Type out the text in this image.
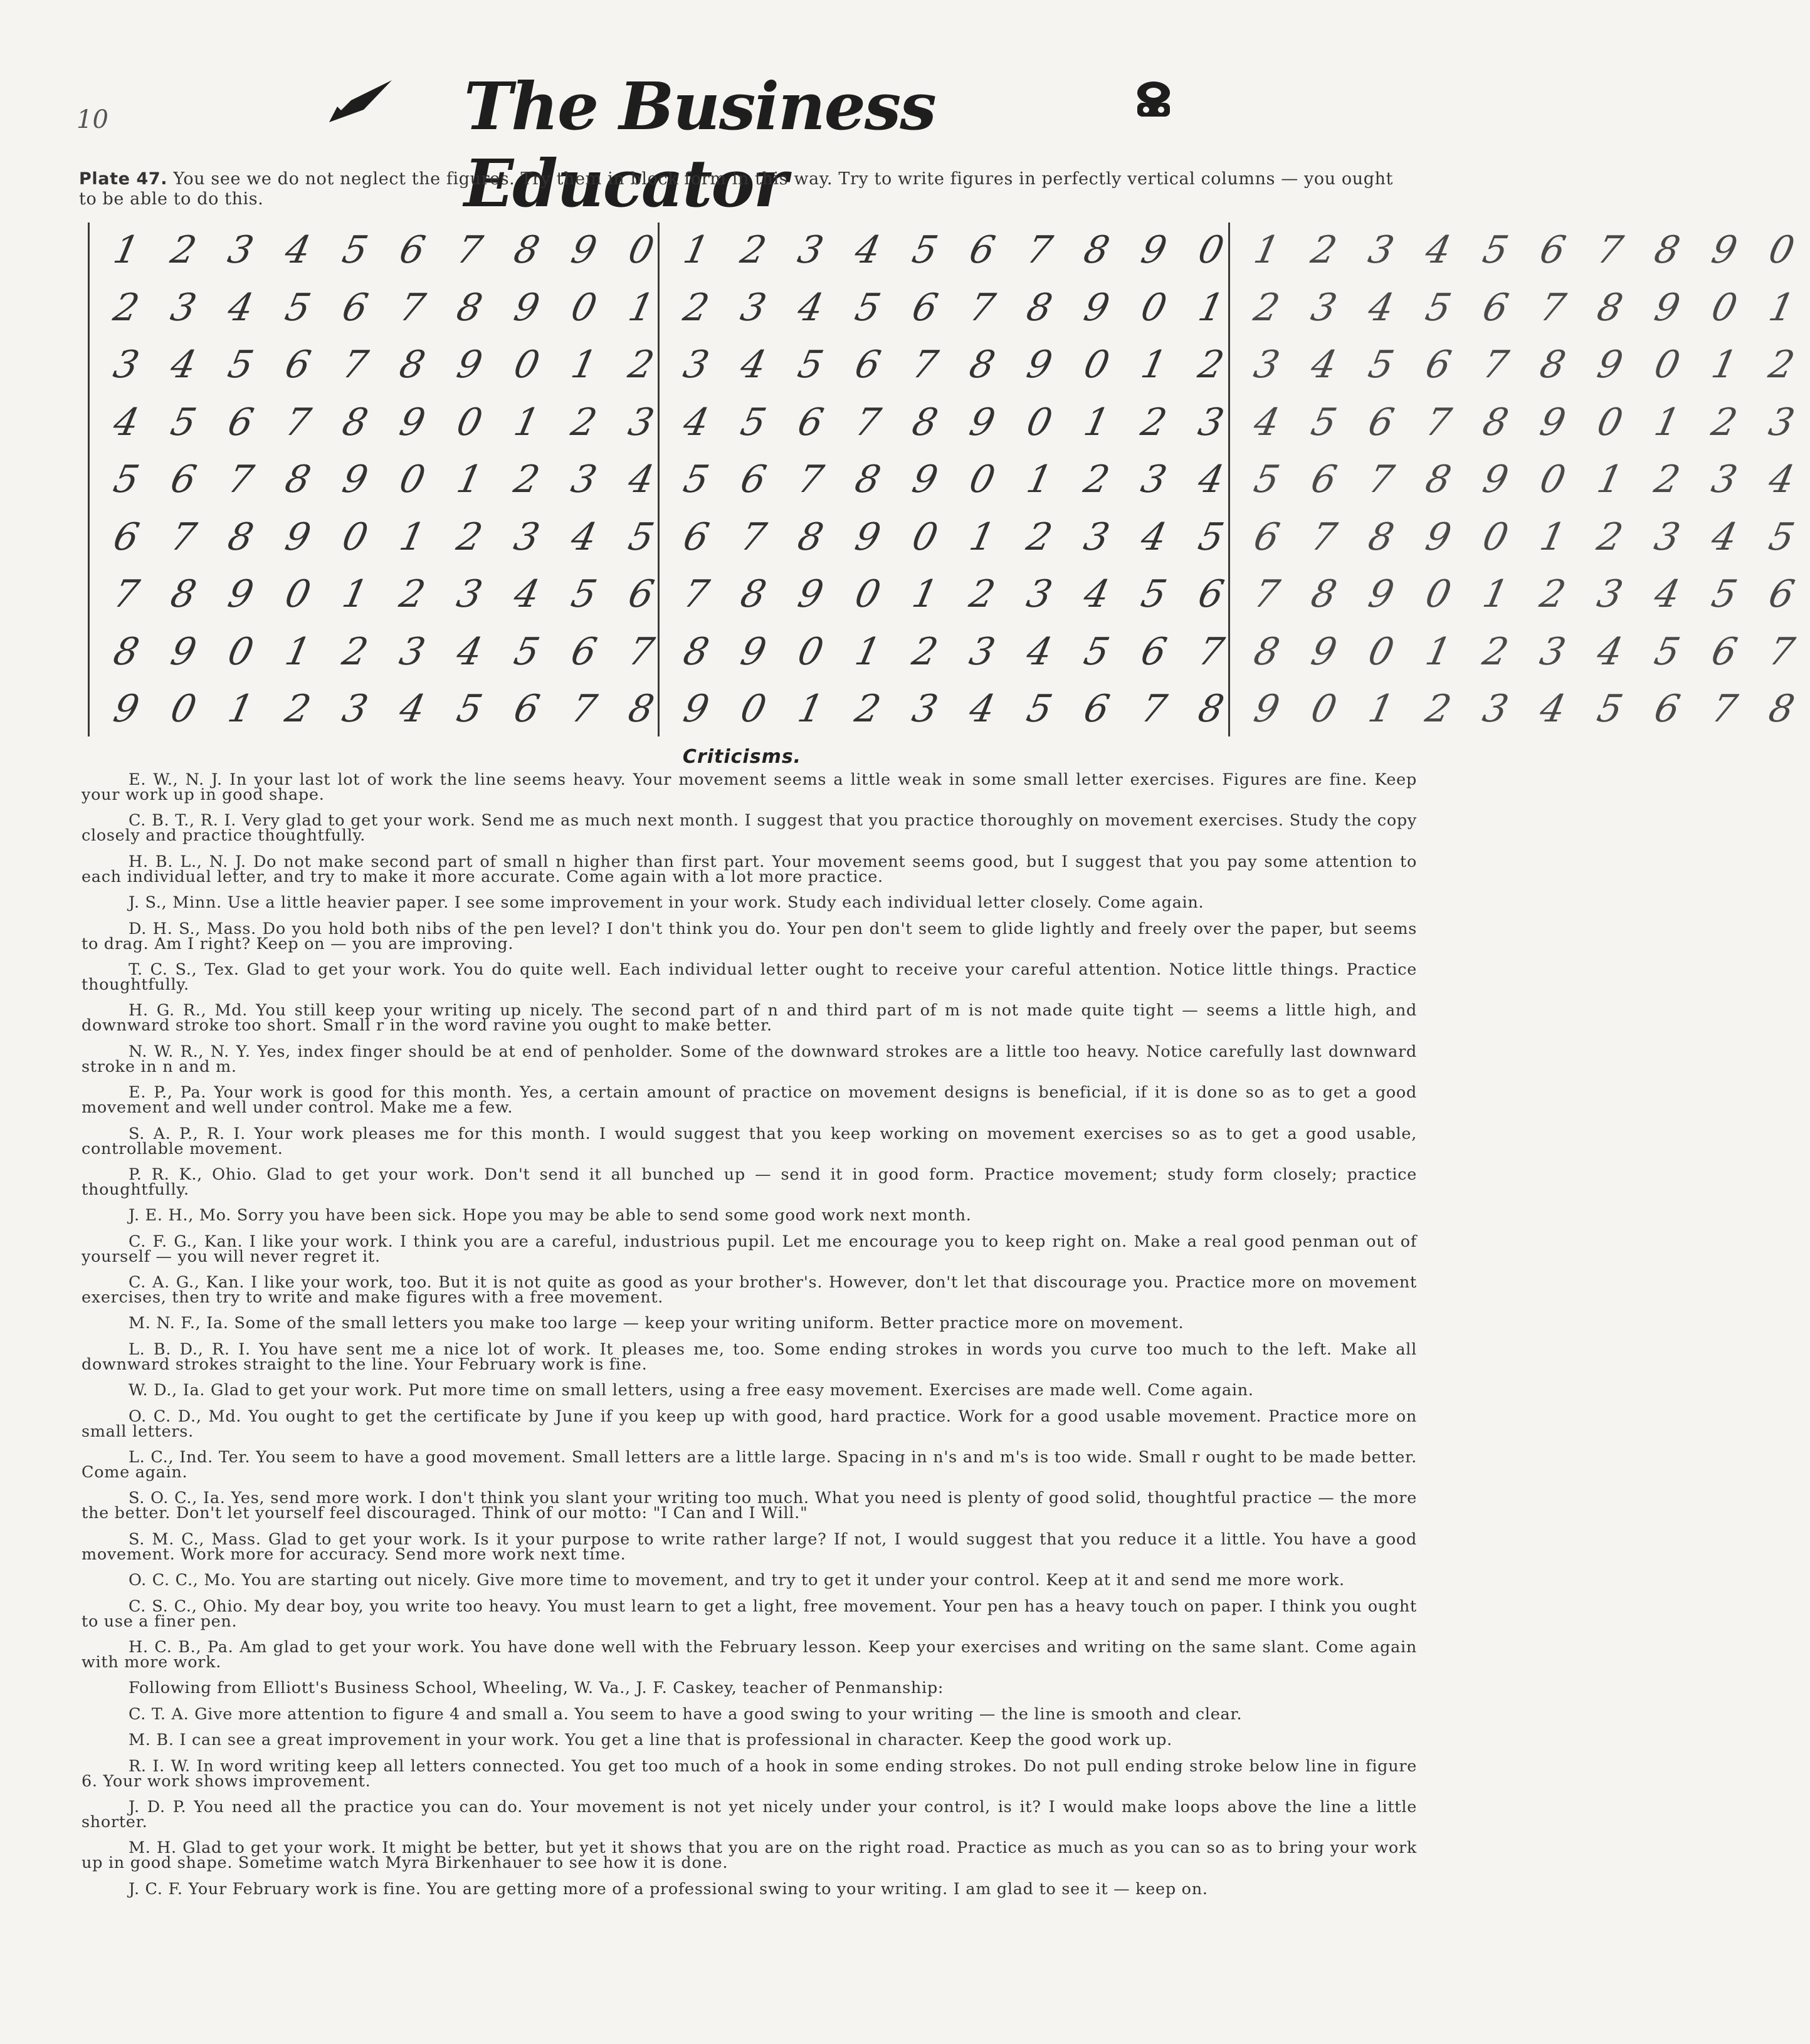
10	The Business Educator
Plate 47. You see we do not neglect the figures. Try them in block form in this way. Try to write figures in perfectly vertical columns — you ought to be able to do this.
1 2 3 4 5 6 7 8 9 0
2 3 4 5 6 7 8 9 0 1
3 4 5 6 7 8 9 0 1 2
4 5 6 7 8 9 0 1 2 3
5 6 7 8 9 0 1 2 3 4
6 7 8 9 0 1 2 3 4 5
7 8 9 0 1 2 3 4 5 6
8 9 0 1 2 3 4 5 6 7
9 0 1 2 3 4 5 6 7 8
1 2 3 4 5 6 7 8 9 0
2 3 4 5 6 7 8 9 0 1
3 4 5 6 7 8 9 0 1 2
4 5 6 7 8 9 0 1 2 3
5 6 7 8 9 0 1 2 3 4
6 7 8 9 0 1 2 3 4 5
7 8 9 0 1 2 3 4 5 6
8 9 0 1 2 3 4 5 6 7
9 0 1 2 3 4 5 6 7 8
1 2 3 4 5 6 7 8 9 0
2 3 4 5 6 7 8 9 0 1
3 4 5 6 7 8 9 0 1 2
4 5 6 7 8 9 0 1 2 3
5 6 7 8 9 0 1 2 3 4
6 7 8 9 0 1 2 3 4 5
7 8 9 0 1 2 3 4 5 6
8 9 0 1 2 3 4 5 6 7
9 0 1 2 3 4 5 6 7 8
Criticisms.

E. W., N. J. In your last lot of work the line seems heavy. Your movement seems a little weak in some small letter exercises. Figures are fine. Keep your work up in good shape.

C. B. T., R. I. Very glad to get your work. Send me as much next month. I suggest that you practice thoroughly on movement exercises. Study the copy closely and practice thoughtfully.

H. B. L., N. J. Do not make second part of small n higher than first part. Your movement seems good, but I suggest that you pay some attention to each individual letter, and try to make it more accurate. Come again with a lot more practice.

J. S., Minn. Use a little heavier paper. I see some improvement in your work. Study each individual letter closely. Come again.

D. H. S., Mass. Do you hold both nibs of the pen level? I don't think you do. Your pen don't seem to glide lightly and freely over the paper, but seems to drag. Am I right? Keep on — you are improving.

T. C. S., Tex. Glad to get your work. You do quite well. Each individual letter ought to receive your careful attention. Notice little things. Practice thoughtfully.

H. G. R., Md. You still keep your writing up nicely. The second part of n and third part of m is not made quite tight — seems a little high, and downward stroke too short. Small r in the word ravine you ought to make better.

N. W. R., N. Y. Yes, index finger should be at end of penholder. Some of the downward strokes are a little too heavy. Notice carefully last downward stroke in n and m.

E. P., Pa. Your work is good for this month. Yes, a certain amount of practice on movement designs is beneficial, if it is done so as to get a good movement and well under control. Make me a few.

S. A. P., R. I. Your work pleases me for this month. I would suggest that you keep working on movement exercises so as to get a good usable, controllable movement.

P. R. K., Ohio. Glad to get your work. Don't send it all bunched up — send it in good form. Practice movement; study form closely; practice thoughtfully.

J. E. H., Mo. Sorry you have been sick. Hope you may be able to send some good work next month.

C. F. G., Kan. I like your work. I think you are a careful, industrious pupil. Let me encourage you to keep right on. Make a real good penman out of yourself — you will never regret it.

C. A. G., Kan. I like your work, too. But it is not quite as good as your brother's. However, don't let that discourage you. Practice more on movement exercises, then try to write and make figures with a free movement.

M. N. F., Ia. Some of the small letters you make too large — keep your writing uniform. Better practice more on movement.

L. B. D., R. I. You have sent me a nice lot of work. It pleases me, too. Some ending strokes in words you curve too much to the left. Make all downward strokes straight to the line. Your February work is fine.

W. D., Ia. Glad to get your work. Put more time on small letters, using a free easy movement. Exercises are made well. Come again.

O. C. D., Md. You ought to get the certificate by June if you keep up with good, hard practice. Work for a good usable movement. Practice more on small letters.

L. C., Ind. Ter. You seem to have a good movement. Small letters are a little large. Spacing in n's and m's is too wide. Small r ought to be made better. Come again.

S. O. C., Ia. Yes, send more work. I don't think you slant your writing too much. What you need is plenty of good solid, thoughtful practice — the more the better. Don't let yourself feel discouraged. Think of our motto: "I Can and I Will."

S. M. C., Mass. Glad to get your work. Is it your purpose to write rather large? If not, I would suggest that you reduce it a little. You have a good movement. Work more for accuracy. Send more work next time.

O. C. C., Mo. You are starting out nicely. Give more time to movement, and try to get it under your control. Keep at it and send me more work.

C. S. C., Ohio. My dear boy, you write too heavy. You must learn to get a light, free movement. Your pen has a heavy touch on paper. I think you ought to use a finer pen.

H. C. B., Pa. Am glad to get your work. You have done well with the February lesson. Keep your exercises and writing on the same slant. Come again with more work.

Following from Elliott's Business School, Wheeling, W. Va., J. F. Caskey, teacher of Penmanship:

C. T. A. Give more attention to figure 4 and small a. You seem to have a good swing to your writing — the line is smooth and clear.

M. B. I can see a great improvement in your work. You get a line that is professional in character. Keep the good work up.

R. I. W. In word writing keep all letters connected. You get too much of a hook in some ending strokes. Do not pull ending stroke below line in figure 6. Your work shows improvement.

J. D. P. You need all the practice you can do. Your movement is not yet nicely under your control, is it? I would make loops above the line a little shorter.

M. H. Glad to get your work. It might be better, but yet it shows that you are on the right road. Practice as much as you can so as to bring your work up in good shape. Sometime watch Myra Birkenhauer to see how it is done.

J. C. F. Your February work is fine. You are getting more of a professional swing to your writing. I am glad to see it — keep on.
